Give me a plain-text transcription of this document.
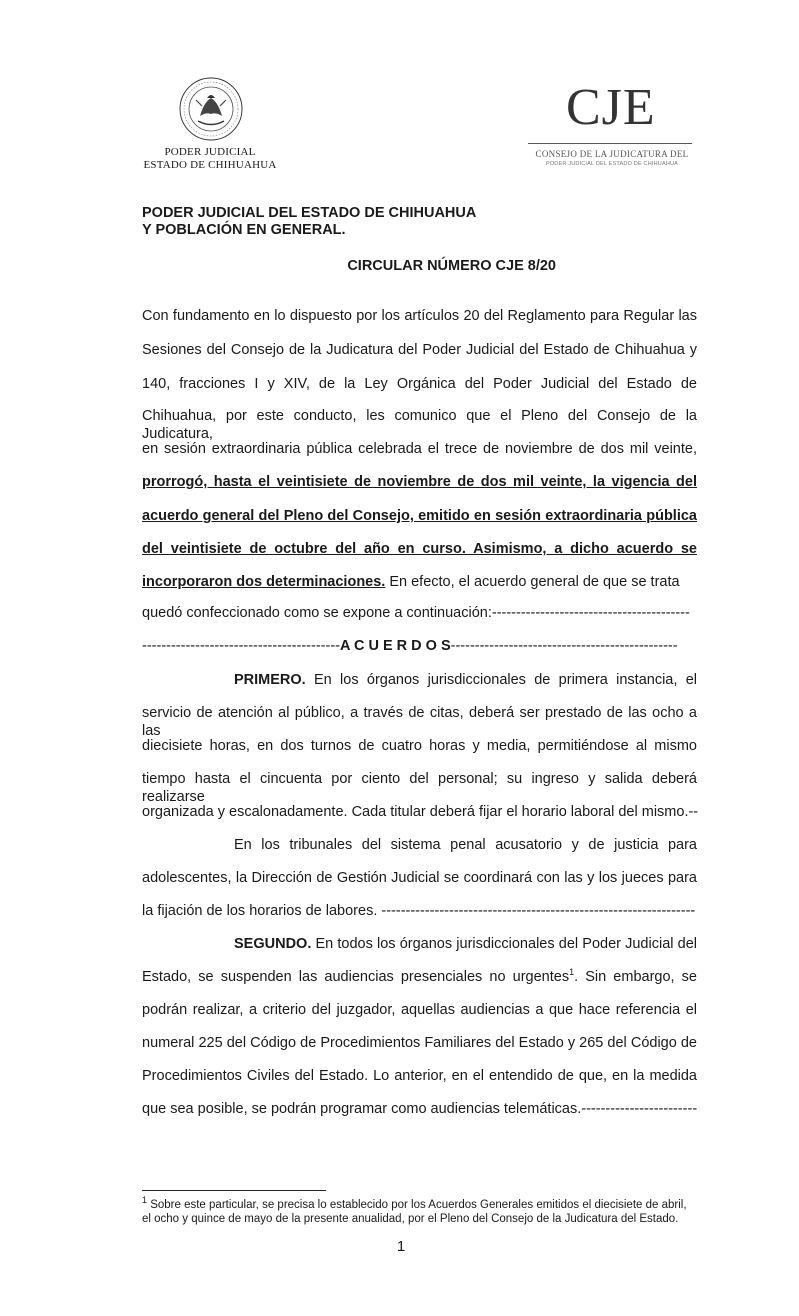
PODER JUDICIAL
ESTADO DE CHIHUAHUA
CJE
CONSEJO DE LA JUDICATURA DEL
PODER JUDICIAL DEL ESTADO DE CHIHUAHUA
PODER JUDICIAL DEL ESTADO DE CHIHUAHUA
Y POBLACIÓN EN GENERAL.
CIRCULAR NÚMERO CJE 8/20
Con fundamento en lo dispuesto por los artículos 20 del Reglamento para Regular las
Sesiones del Consejo de la Judicatura del Poder Judicial del Estado de Chihuahua y
140, fracciones I y XIV, de la Ley Orgánica del Poder Judicial del Estado de
Chihuahua, por este conducto, les comunico que el Pleno del Consejo de la Judicatura,
en sesión extraordinaria pública celebrada el trece de noviembre de dos mil veinte,
prorrogó, hasta el veintisiete de noviembre de dos mil veinte, la vigencia del
acuerdo general del Pleno del Consejo, emitido en sesión extraordinaria pública
del veintisiete de octubre del año en curso. Asimismo, a dicho acuerdo se
incorporaron dos determinaciones. En efecto, el acuerdo general de que se trata
quedó confeccionado como se expone a continuación:-----------------------------------------
-----------------------------------------A C U E R D O S-----------------------------------------------
PRIMERO. En los órganos jurisdiccionales de primera instancia, el
servicio de atención al público, a través de citas, deberá ser prestado de las ocho a las
diecisiete horas, en dos turnos de cuatro horas y media, permitiéndose al mismo
tiempo hasta el cincuenta por ciento del personal; su ingreso y salida deberá realizarse
organizada y escalonadamente. Cada titular deberá fijar el horario laboral del mismo.--
En los tribunales del sistema penal acusatorio y de justicia para
adolescentes, la Dirección de Gestión Judicial se coordinará con las y los jueces para
la fijación de los horarios de labores. -----------------------------------------------------------------
SEGUNDO. En todos los órganos jurisdiccionales del Poder Judicial del
Estado, se suspenden las audiencias presenciales no urgentes$^1$. Sin embargo, se
podrán realizar, a criterio del juzgador, aquellas audiencias a que hace referencia el
numeral 225 del Código de Procedimientos Familiares del Estado y 265 del Código de
Procedimientos Civiles del Estado. Lo anterior, en el entendido de que, en la medida
que sea posible, se podrán programar como audiencias telemáticas.------------------------
$^1$ Sobre este particular, se precisa lo establecido por los Acuerdos Generales emitidos el diecisiete de abril,
el ocho y quince de mayo de la presente anualidad, por el Pleno del Consejo de la Judicatura del Estado.
1
